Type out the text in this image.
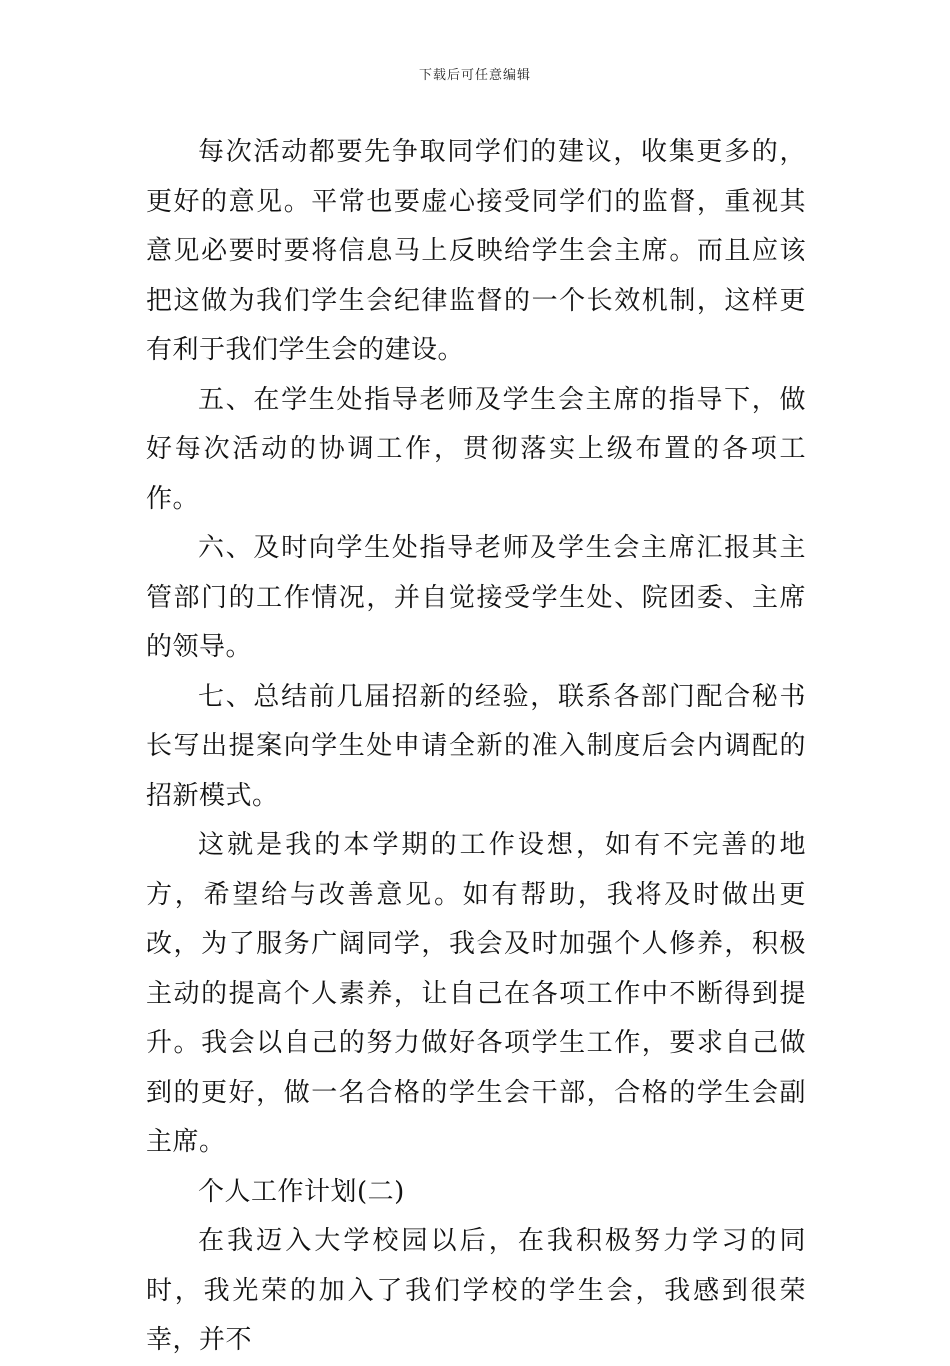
下载后可任意编辑

每次活动都要先争取同学们的建议，收集更多的，更好的意见。平常也要虚心接受同学们的监督，重视其意见必要时要将信息马上反映给学生会主席。而且应该把这做为我们学生会纪律监督的一个长效机制，这样更有利于我们学生会的建设。

五、在学生处指导老师及学生会主席的指导下，做好每次活动的协调工作，贯彻落实上级布置的各项工作。

六、及时向学生处指导老师及学生会主席汇报其主管部门的工作情况，并自觉接受学生处、院团委、主席的领导。

七、总结前几届招新的经验，联系各部门配合秘书长写出提案向学生处申请全新的准入制度后会内调配的招新模式。

这就是我的本学期的工作设想，如有不完善的地方，希望给与改善意见。如有帮助，我将及时做出更改，为了服务广阔同学，我会及时加强个人修养，积极主动的提高个人素养，让自己在各项工作中不断得到提升。我会以自己的努力做好各项学生工作，要求自己做到的更好，做一名合格的学生会干部，合格的学生会副主席。

个人工作计划(二)

在我迈入大学校园以后，在我积极努力学习的同时，我光荣的加入了我们学校的学生会，我感到很荣幸，并不
